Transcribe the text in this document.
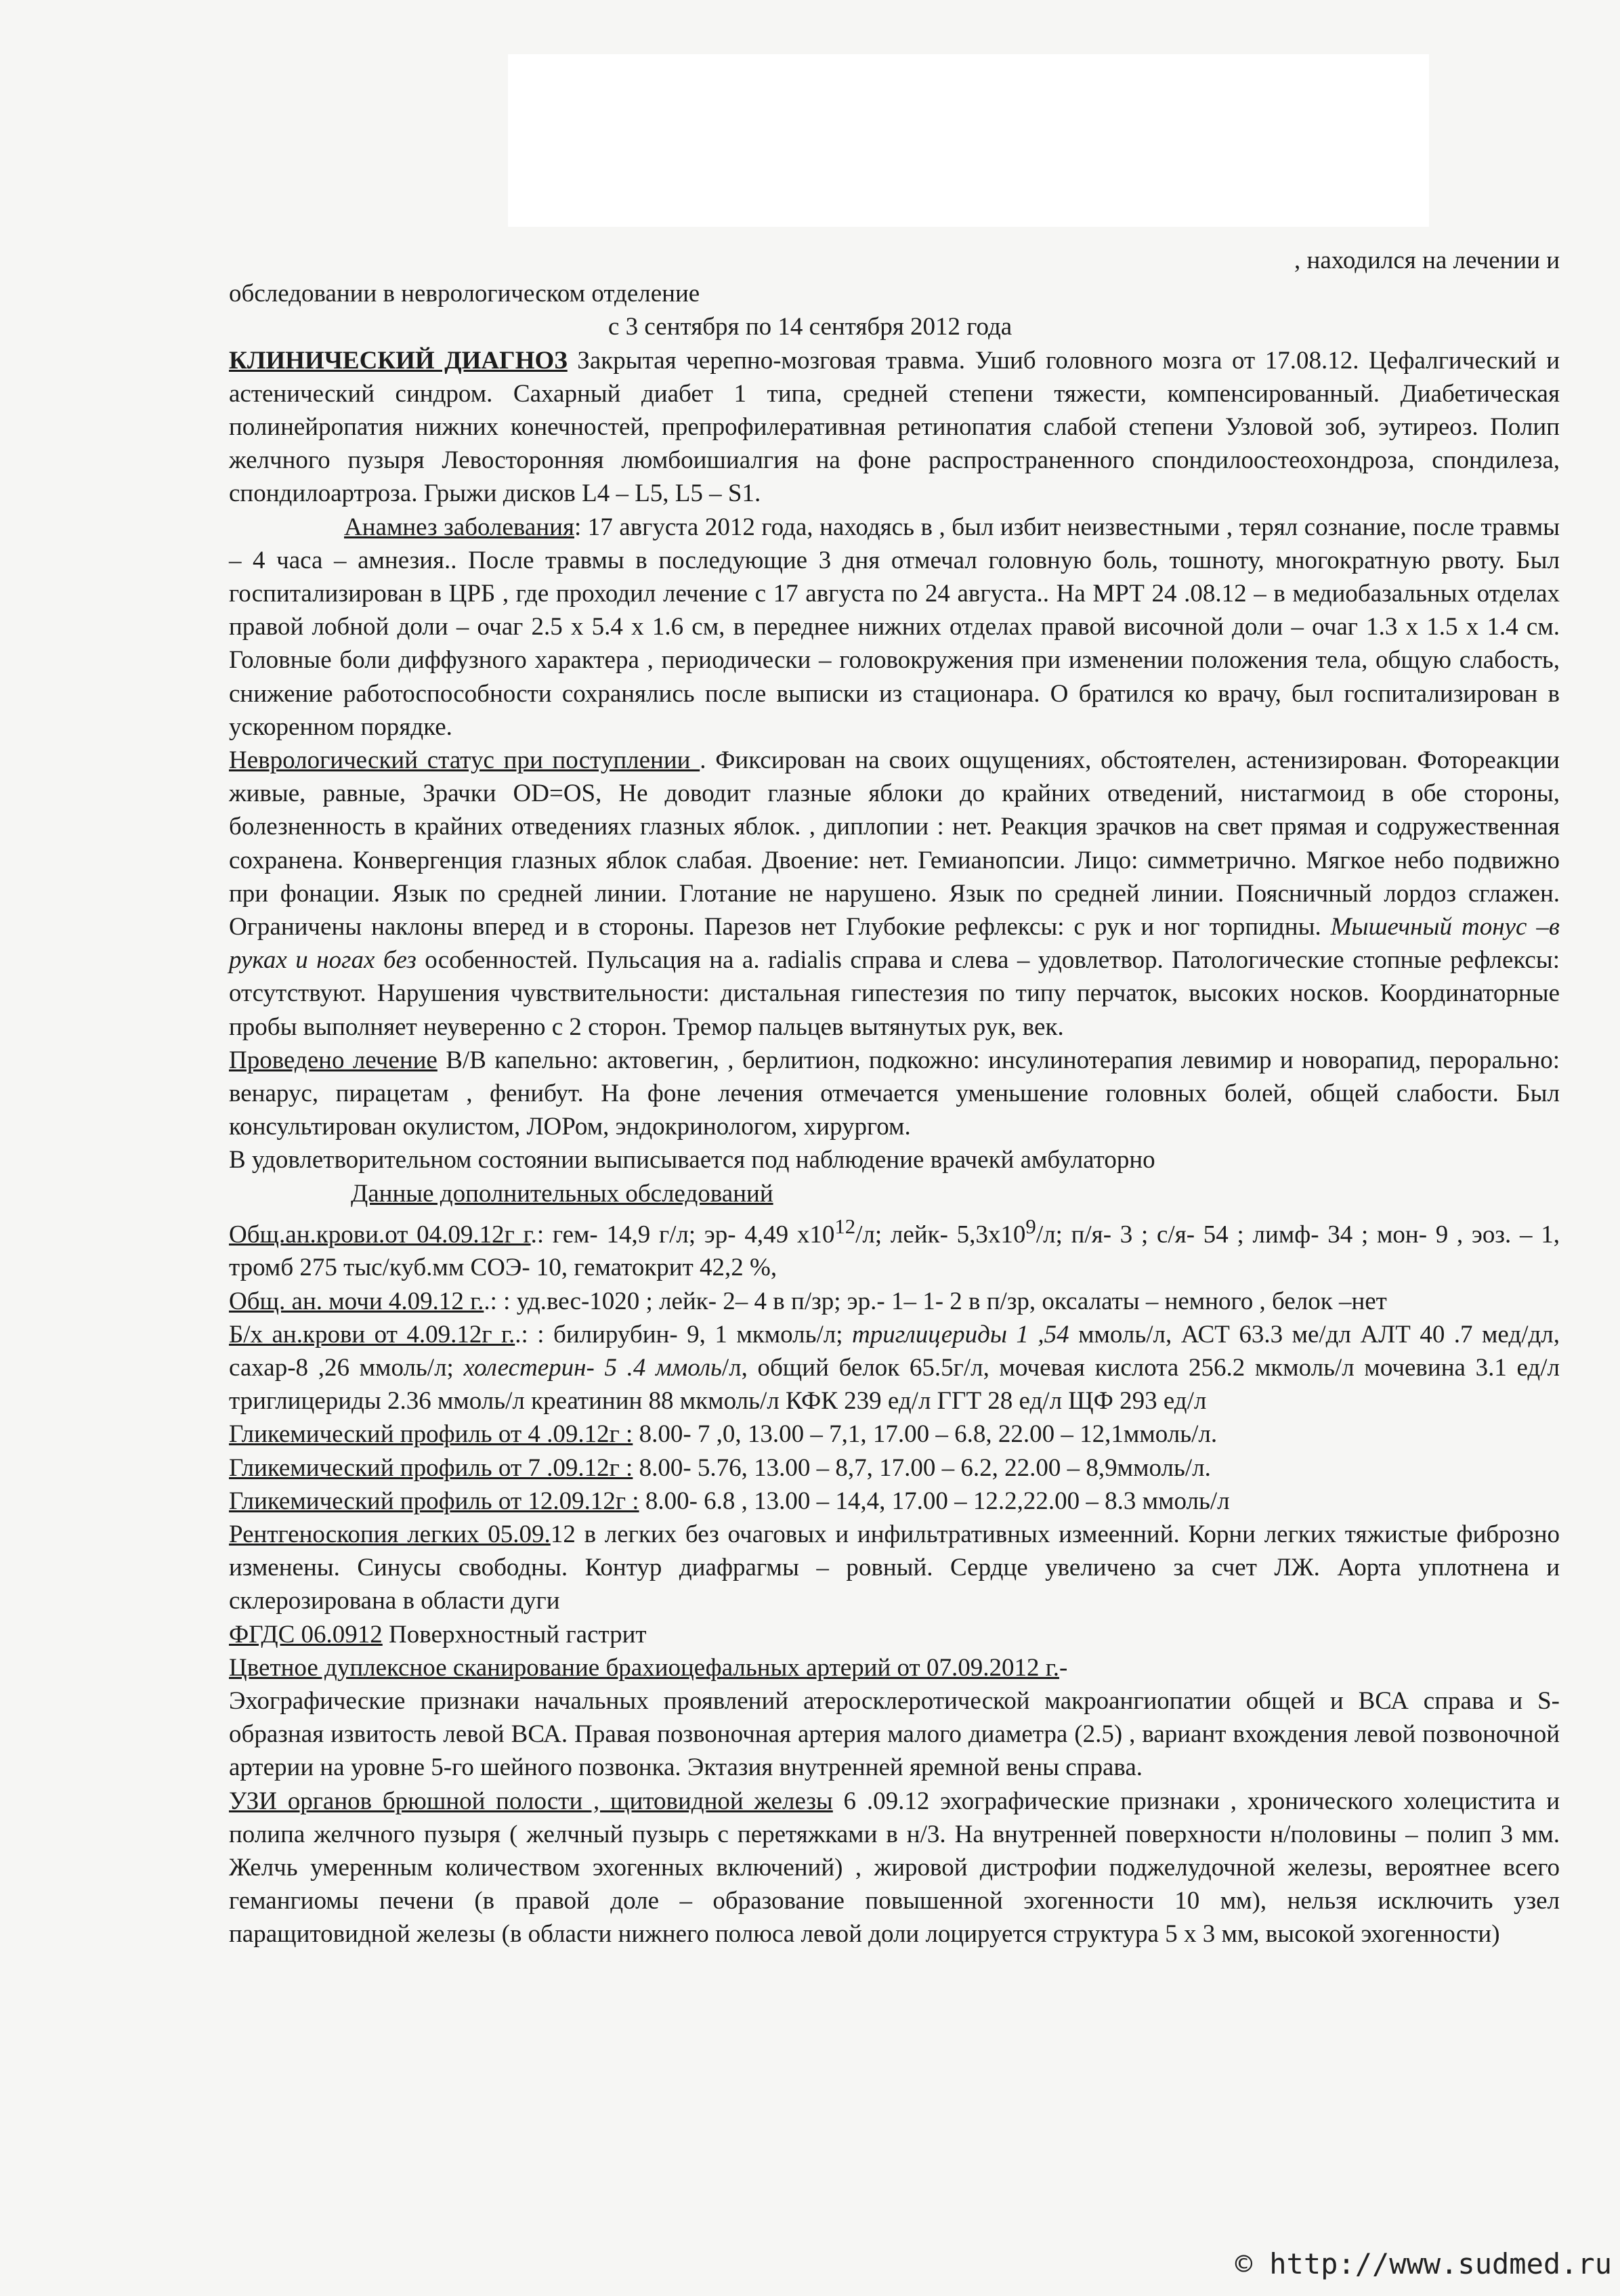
, находился на лечении и

обследовании в неврологическом отделение

с 3 сентября по 14 сентября 2012 года

КЛИНИЧЕСКИЙ ДИАГНОЗ Закрытая черепно-мозговая травма. Ушиб головного мозга от 17.08.12. Цефалгический и астенический синдром. Сахарный диабет 1 типа, средней степени тяжести, компенсированный. Диабетическая полинейропатия нижних конечностей, препрофилеративная ретинопатия слабой степени Узловой зоб, эутиреоз. Полип желчного пузыря Левосторонняя люмбоишиалгия на фоне распространенного спондилоостеохондроза, спондилеза, спондилоартроза. Грыжи дисков L4 – L5, L5 – S1.

Анамнез заболевания: 17 августа 2012 года, находясь в , был избит неизвестными , терял сознание, после травмы – 4 часа – амнезия.. После травмы в последующие 3 дня отмечал головную боль, тошноту, многократную рвоту. Был госпитализирован в ЦРБ , где проходил лечение с 17 августа по 24 августа.. На МРТ 24 .08.12 – в медиобазальных отделах правой лобной доли – очаг 2.5 х 5.4 х 1.6 см, в переднее нижних отделах правой височной доли – очаг 1.3 х 1.5 х 1.4 см. Головные боли диффузного характера , периодически – головокружения при изменении положения тела, общую слабость, снижение работоспособности сохранялись после выписки из стационара. О братился ко врачу, был госпитализирован в ускоренном порядке.

Неврологический статус при поступлении . Фиксирован на своих ощущениях, обстоятелен, астенизирован. Фотореакции живые, равные, Зрачки OD=OS, Не доводит глазные яблоки до крайних отведений, нистагмоид в обе стороны, болезненность в крайних отведениях глазных яблок. , диплопии : нет. Реакция зрачков на свет прямая и содружественная сохранена. Конвергенция глазных яблок слабая. Двоение: нет. Гемианопсии. Лицо: симметрично. Мягкое небо подвижно при фонации. Язык по средней линии. Глотание не нарушено. Язык по средней линии. Поясничный лордоз сглажен. Ограничены наклоны вперед и в стороны. Парезов нет Глубокие рефлексы: с рук и ног торпидны. Мышечный тонус –в руках и ногах без особенностей. Пульсация на a. radialis справа и слева – удовлетвор. Патологические стопные рефлексы: отсутствуют. Нарушения чувствительности: дистальная гипестезия по типу перчаток, высоких носков. Координаторные пробы выполняет неуверенно с 2 сторон. Тремор пальцев вытянутых рук, век.

Проведено лечение В/В капельно: актовегин, , берлитион, подкожно: инсулинотерапия левимир и новорапид, перорально: венарус, пирацетам , фенибут. На фоне лечения отмечается уменьшение головных болей, общей слабости. Был консультирован окулистом, ЛОРом, эндокринологом, хирургом.

В удовлетворительном состоянии выписывается под наблюдение врачекй амбулаторно

Данные дополнительных обследований

Общ.ан.крови.от 04.09.12г г.: гем- 14,9 г/л; эр- 4,49 $x10^{12}/л$; лейк- $5,3x10^9/л$; п/я- 3 ; с/я- 54 ; лимф- 34 ; мон- 9 , эоз. – 1, тромб 275 тыс/куб.мм СОЭ- 10, гематокрит 42,2 %,

Общ. ан. мочи 4.09.12 г..: : уд.вес-1020 ; лейк- 2– 4 в п/зр; эр.- 1– 1- 2 в п/зр, оксалаты – немного , белок –нет

Б/х ан.крови от 4.09.12г г..: : билирубин- 9, 1 мкмоль/л; триглицериды 1 ,54 ммоль/л, АСТ 63.3 ме/дл АЛТ 40 .7 мед/дл, сахар-8 ,26 ммоль/л; холестерин- 5 .4 ммоль/л, общий белок 65.5г/л, мочевая кислота 256.2 мкмоль/л мочевина 3.1 ед/л триглицериды 2.36 ммоль/л креатинин 88 мкмоль/л КФК 239 ед/л ГГТ 28 ед/л ЩФ 293 ед/л

Гликемический профиль от 4 .09.12г : 8.00- 7 ,0, 13.00 – 7,1, 17.00 – 6.8, 22.00 – 12,1ммоль/л.

Гликемический профиль от 7 .09.12г : 8.00- 5.76, 13.00 – 8,7, 17.00 – 6.2, 22.00 – 8,9ммоль/л.

Гликемический профиль от 12.09.12г : 8.00- 6.8 , 13.00 – 14,4, 17.00 – 12.2,22.00 – 8.3 ммоль/л

Рентгеноскопия легких 05.09.12 в легких без очаговых и инфильтративных измеенний. Корни легких тяжистые фиброзно изменены. Синусы свободны. Контур диафрагмы – ровный. Сердце увеличено за счет ЛЖ. Аорта уплотнена и склерозирована в области дуги

ФГДС 06.0912 Поверхностный гастрит

Цветное дуплексное сканирование брахиоцефальных артерий от 07.09.2012 г.-

Эхографические признаки начальных проявлений атеросклеротической макроангиопатии общей и ВСА справа и S-образная извитость левой ВСА. Правая позвоночная артерия малого диаметра (2.5) , вариант вхождения левой позвоночной артерии на уровне 5-го шейного позвонка. Эктазия внутренней яремной вены справа.

УЗИ органов брюшной полости , щитовидной железы 6 .09.12 эхографические признаки , хронического холецистита и полипа желчного пузыря ( желчный пузырь с перетяжками в н/3. На внутренней поверхности н/половины – полип 3 мм. Желчь умеренным количеством эхогенных включений) , жировой дистрофии поджелудочной железы, вероятнее всего гемангиомы печени (в правой доле – образование повышенной эхогенности 10 мм), нельзя исключить узел паращитовидной железы (в области нижнего полюса левой доли лоцируется структура 5 х 3 мм, высокой эхогенности)

© http://www.sudmed.ru
